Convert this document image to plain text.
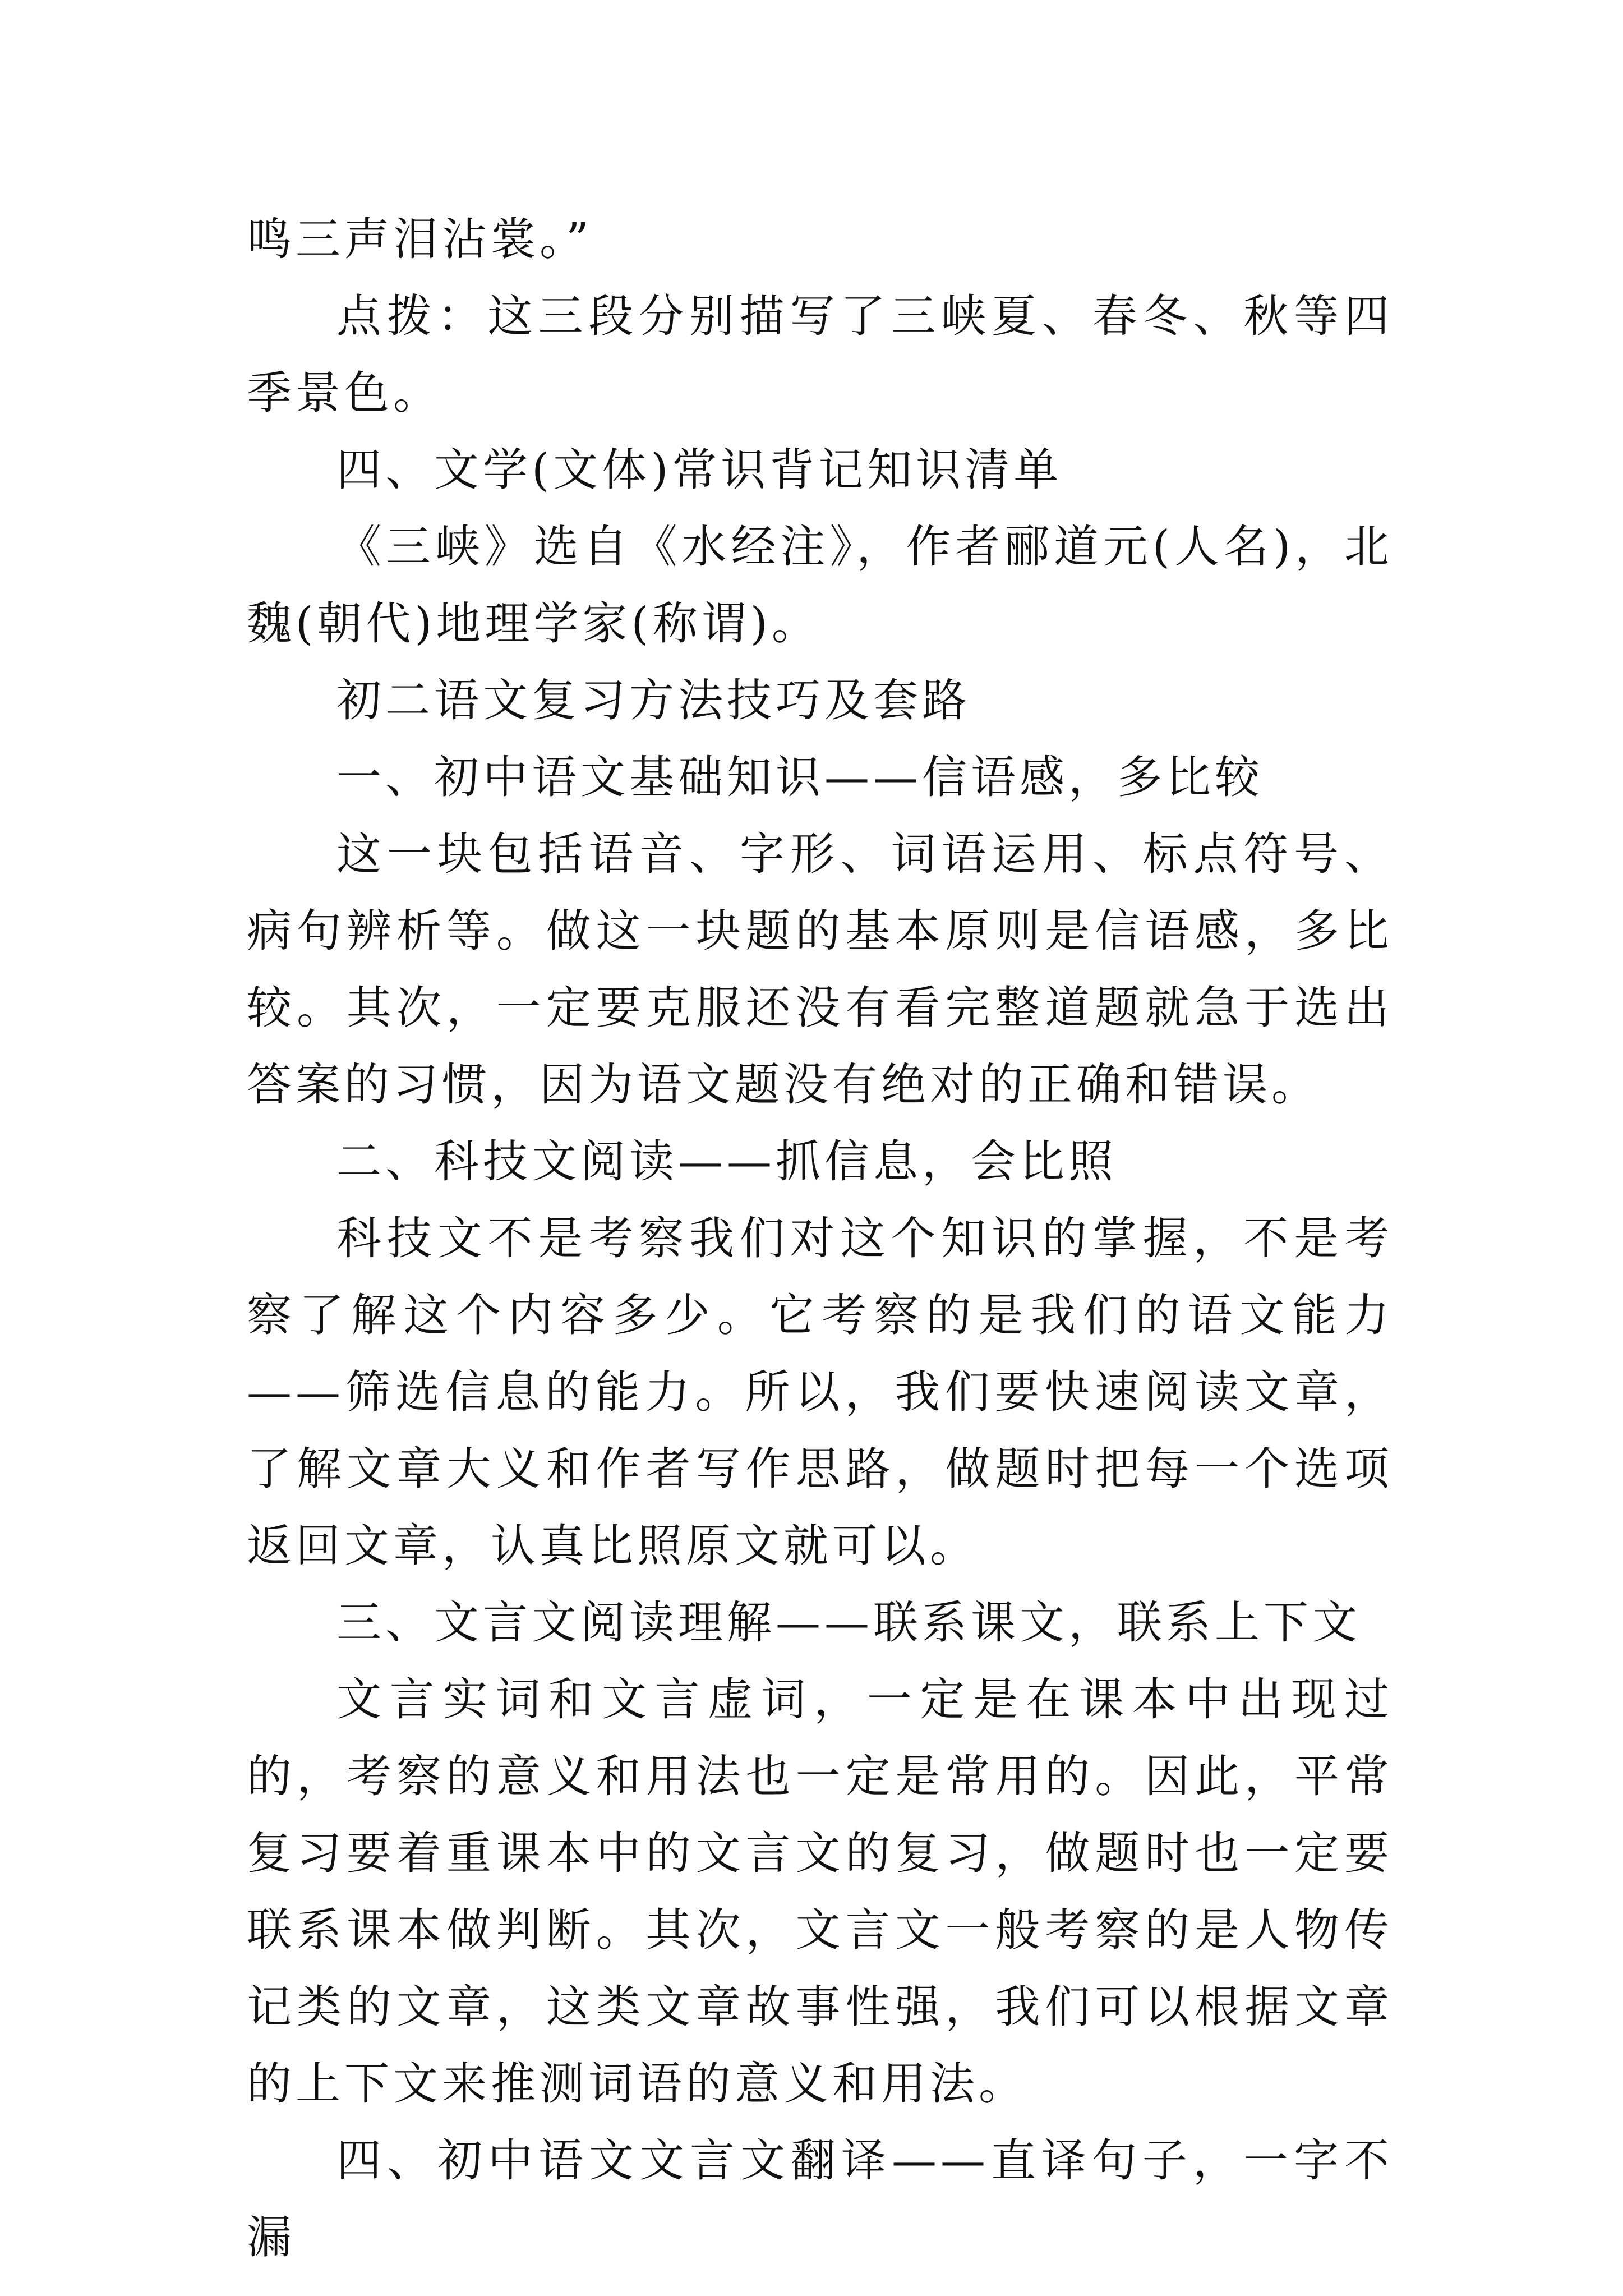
鸣三声泪沾裳。”

点拨：这三段分别描写了三峡夏、春冬、秋等四季景色。

四、文学(文体)常识背记知识清单

《三峡》选自《水经注》，作者郦道元(人名)，北魏(朝代)地理学家(称谓)。

初二语文复习方法技巧及套路

一、初中语文基础知识——信语感，多比较

这一块包括语音、字形、词语运用、标点符号、病句辨析等。做这一块题的基本原则是信语感，多比较。其次，一定要克服还没有看完整道题就急于选出答案的习惯，因为语文题没有绝对的正确和错误。

二、科技文阅读——抓信息，会比照

科技文不是考察我们对这个知识的掌握，不是考察了解这个内容多少。它考察的是我们的语文能力——筛选信息的能力。所以，我们要快速阅读文章，了解文章大义和作者写作思路，做题时把每一个选项返回文章，认真比照原文就可以。

三、文言文阅读理解——联系课文，联系上下文

文言实词和文言虚词，一定是在课本中出现过的，考察的意义和用法也一定是常用的。因此，平常复习要着重课本中的文言文的复习，做题时也一定要联系课本做判断。其次，文言文一般考察的是人物传记类的文章，这类文章故事性强，我们可以根据文章的上下文来推测词语的意义和用法。

四、初中语文文言文翻译——直译句子，一字不漏
